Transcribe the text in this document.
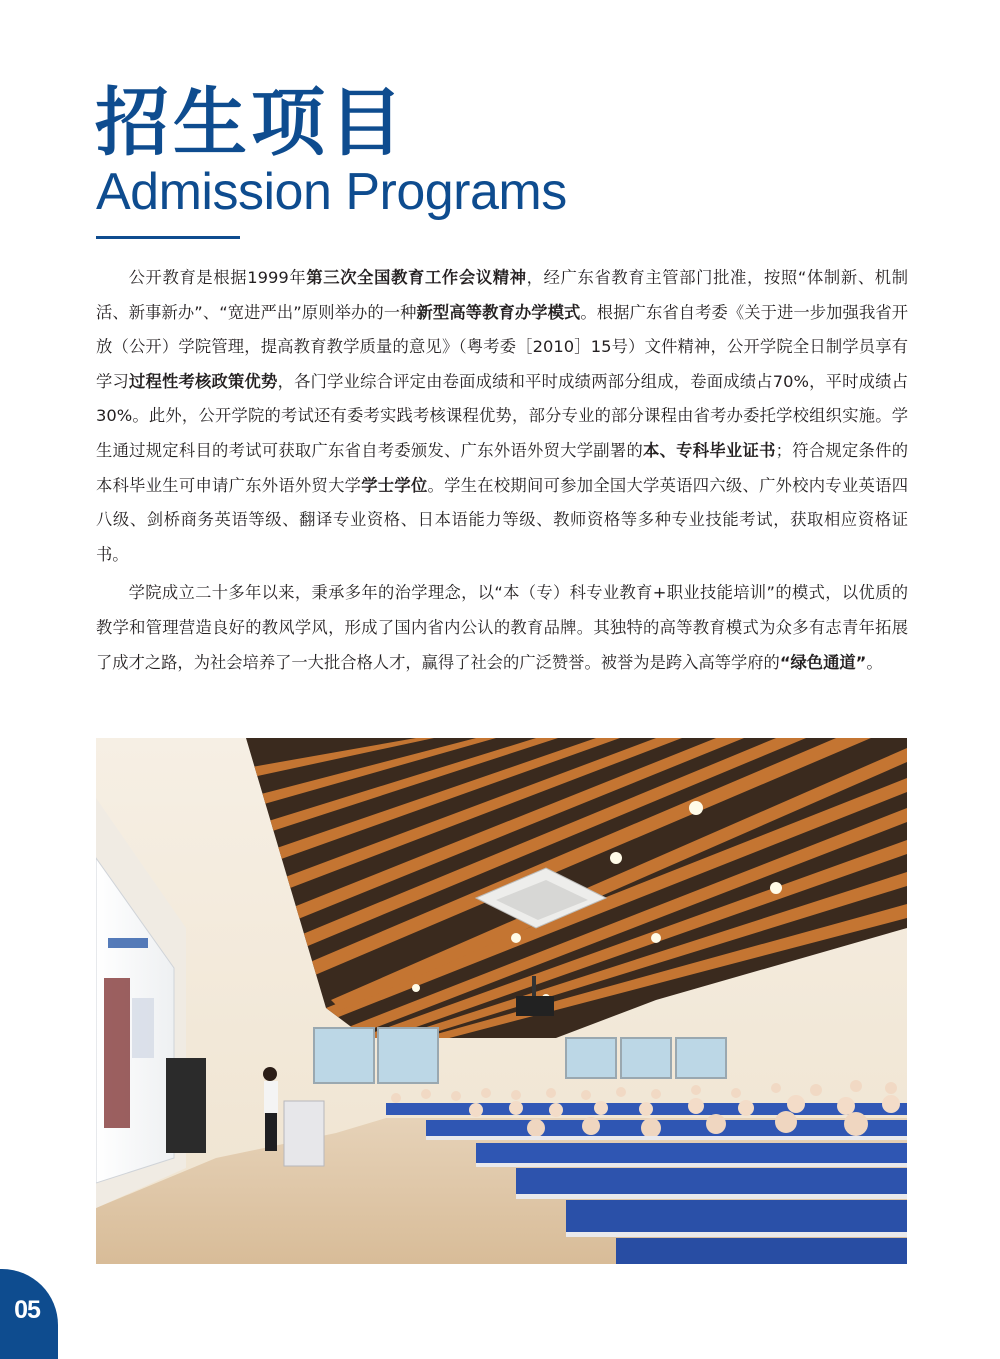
招生项目
Admission Programs

公开教育是根据1999年第三次全国教育工作会议精神，经广东省教育主管部门批准，按照“体制新、机制活、新事新办”、“宽进严出”原则举办的一种新型高等教育办学模式。根据广东省自考委《关于进一步加强我省开放（公开）学院管理，提高教育教学质量的意见》（粤考委［2010］15号）文件精神，公开学院全日制学员享有学习过程性考核政策优势，各门学业综合评定由卷面成绩和平时成绩两部分组成，卷面成绩占70%，平时成绩占30%。此外，公开学院的考试还有委考实践考核课程优势，部分专业的部分课程由省考办委托学校组织实施。学生通过规定科目的考试可获取广东省自考委颁发、广东外语外贸大学副署的本、专科毕业证书；符合规定条件的本科毕业生可申请广东外语外贸大学学士学位。学生在校期间可参加全国大学英语四六级、广外校内专业英语四八级、剑桥商务英语等级、翻译专业资格、日本语能力等级、教师资格等多种专业技能考试，获取相应资格证书。

学院成立二十多年以来，秉承多年的治学理念，以“本（专）科专业教育+职业技能培训”的模式，以优质的教学和管理营造良好的教风学风，形成了国内省内公认的教育品牌。其独特的高等教育模式为众多有志青年拓展了成才之路，为社会培养了一大批合格人才，赢得了社会的广泛赞誉。被誉为是跨入高等学府的“绿色通道”。

05
